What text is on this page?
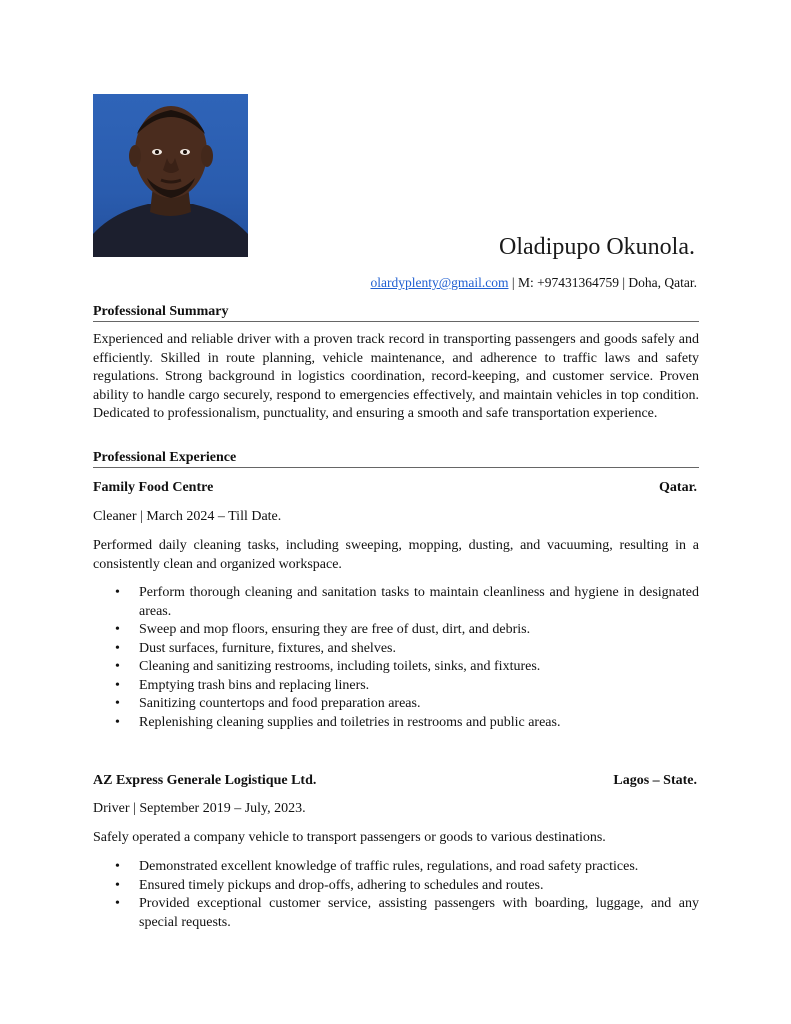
Oladipupo Okunola.
olardyplenty@gmail.com | M: +97431364759 | Doha, Qatar.
Professional Summary
Experienced and reliable driver with a proven track record in transporting passengers and goods safely and efficiently. Skilled in route planning, vehicle maintenance, and adherence to traffic laws and safety regulations. Strong background in logistics coordination, record-keeping, and customer service. Proven ability to handle cargo securely, respond to emergencies effectively, and maintain vehicles in top condition. Dedicated to professionalism, punctuality, and ensuring a smooth and safe transportation experience.
Professional Experience
Family Food Centre	Qatar.
Cleaner | March 2024 – Till Date.
Performed daily cleaning tasks, including sweeping, mopping, dusting, and vacuuming, resulting in a consistently clean and organized workspace.
•	Perform thorough cleaning and sanitation tasks to maintain cleanliness and hygiene in designated areas.
•	Sweep and mop floors, ensuring they are free of dust, dirt, and debris.
•	Dust surfaces, furniture, fixtures, and shelves.
•	Cleaning and sanitizing restrooms, including toilets, sinks, and fixtures.
•	Emptying trash bins and replacing liners.
•	Sanitizing countertops and food preparation areas.
•	Replenishing cleaning supplies and toiletries in restrooms and public areas.
AZ Express Generale Logistique Ltd.	Lagos – State.
Driver | September 2019 – July, 2023.
Safely operated a company vehicle to transport passengers or goods to various destinations.
•	Demonstrated excellent knowledge of traffic rules, regulations, and road safety practices.
•	Ensured timely pickups and drop-offs, adhering to schedules and routes.
•	Provided exceptional customer service, assisting passengers with boarding, luggage, and any special requests.
